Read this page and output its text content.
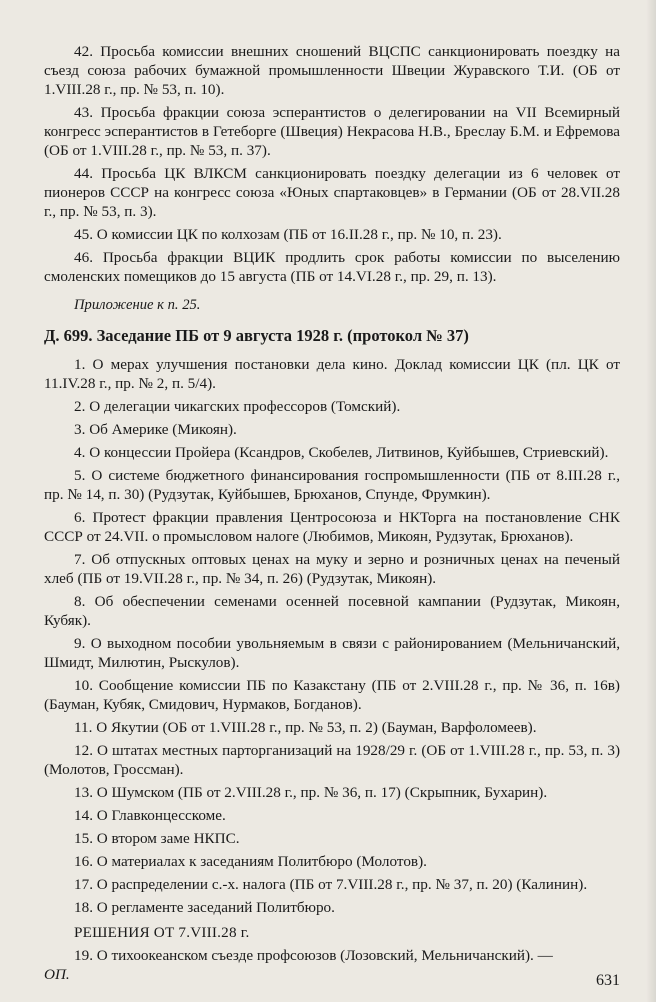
42. Просьба комиссии внешних сношений ВЦСПС санкционировать поездку на съезд союза рабочих бумажной промышленности Швеции Журавского Т.И. (ОБ от 1.VIII.28 г., пр. № 53, п. 10).

43. Просьба фракции союза эсперантистов о делегировании на VII Всемирный конгресс эсперантистов в Гетеборге (Швеция) Некрасова Н.В., Бреслау Б.М. и Ефремова (ОБ от 1.VIII.28 г., пр. № 53, п. 37).

44. Просьба ЦК ВЛКСМ санкционировать поездку делегации из 6 человек от пионеров СССР на конгресс союза «Юных спартаковцев» в Германии (ОБ от 28.VII.28 г., пр. № 53, п. 3).

45. О комиссии ЦК по колхозам (ПБ от 16.II.28 г., пр. № 10, п. 23).

46. Просьба фракции ВЦИК продлить срок работы комиссии по выселению смоленских помещиков до 15 августа (ПБ от 14.VI.28 г., пр. 29, п. 13).

Приложение к п. 25.

Д. 699. Заседание ПБ от 9 августа 1928 г. (протокол № 37)

1. О мерах улучшения постановки дела кино. Доклад комиссии ЦК (пл. ЦК от 11.IV.28 г., пр. № 2, п. 5/4).

2. О делегации чикагских профессоров (Томский).

3. Об Америке (Микоян).

4. О концессии Пройера (Ксандров, Скобелев, Литвинов, Куйбышев, Стриевский).

5. О системе бюджетного финансирования госпромышленности (ПБ от 8.III.28 г., пр. № 14, п. 30) (Рудзутак, Куйбышев, Брюханов, Спунде, Фрумкин).

6. Протест фракции правления Центросоюза и НКТорга на постановление СНК СССР от 24.VII. о промысловом налоге (Любимов, Микоян, Рудзутак, Брюханов).

7. Об отпускных оптовых ценах на муку и зерно и розничных ценах на печеный хлеб (ПБ от 19.VII.28 г., пр. № 34, п. 26) (Рудзутак, Микоян).

8. Об обеспечении семенами осенней посевной кампании (Рудзутак, Микоян, Кубяк).

9. О выходном пособии увольняемым в связи с районированием (Мельничанский, Шмидт, Милютин, Рыскулов).

10. Сообщение комиссии ПБ по Казакстану (ПБ от 2.VIII.28 г., пр. № 36, п. 16в) (Бауман, Кубяк, Смидович, Нурмаков, Богданов).

11. О Якутии (ОБ от 1.VIII.28 г., пр. № 53, п. 2) (Бауман, Варфоломеев).

12. О штатах местных парторганизаций на 1928/29 г. (ОБ от 1.VIII.28 г., пр. 53, п. 3) (Молотов, Гроссман).

13. О Шумском (ПБ от 2.VIII.28 г., пр. № 36, п. 17) (Скрыпник, Бухарин).

14. О Главконцесскоме.

15. О втором заме НКПС.

16. О материалах к заседаниям Политбюро (Молотов).

17. О распределении с.-х. налога (ПБ от 7.VIII.28 г., пр. № 37, п. 20) (Калинин).

18. О регламенте заседаний Политбюро.

РЕШЕНИЯ ОТ 7.VIII.28 г.

19. О тихоокеанском съезде профсоюзов (Лозовский, Мельничанский). —
ОП.	631
